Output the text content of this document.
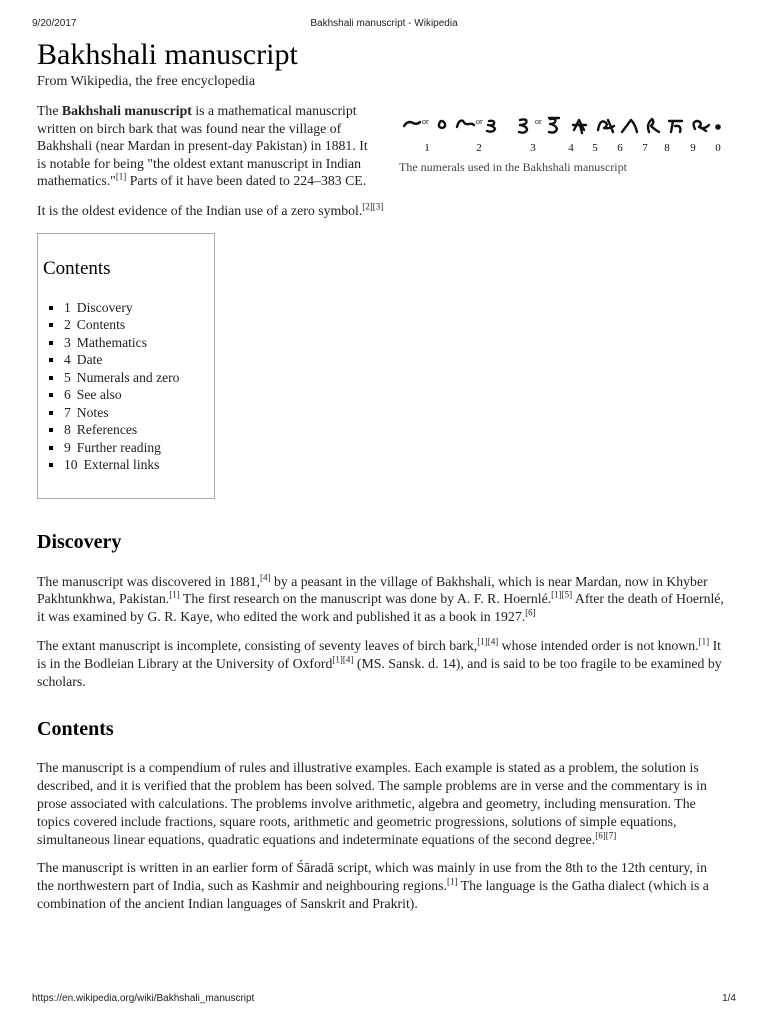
9/20/2017	Bakhshali manuscript - Wikipedia
Bakhshali manuscript
From Wikipedia, the free encyclopedia

The Bakhshali manuscript is a mathematical manuscript written on birch bark that was found near the village of Bakhshali (near Mardan in present-day Pakistan) in 1881. It is notable for being "the oldest extant manuscript in Indian mathematics."[1] Parts of it have been dated to 224–383 CE.

or	or	or
1	2	3	4 5 6 7 8 9 0
The numerals used in the Bakhshali manuscript

It is the oldest evidence of the Indian use of a zero symbol.[2][3]

Contents
1 Discovery
2 Contents
3 Mathematics
4 Date
5 Numerals and zero
6 See also
7 Notes
8 References
9 Further reading
10 External links
Discovery

The manuscript was discovered in 1881,[4] by a peasant in the village of Bakhshali, which is near Mardan, now in Khyber Pakhtunkhwa, Pakistan.[1] The first research on the manuscript was done by A. F. R. Hoernlé.[1][5] After the death of Hoernlé, it was examined by G. R. Kaye, who edited the work and published it as a book in 1927.[6]

The extant manuscript is incomplete, consisting of seventy leaves of birch bark,[1][4] whose intended order is not known.[1] It is in the Bodleian Library at the University of Oxford[1][4] (MS. Sansk. d. 14), and is said to be too fragile to be examined by scholars.

Contents

The manuscript is a compendium of rules and illustrative examples. Each example is stated as a problem, the solution is described, and it is verified that the problem has been solved. The sample problems are in verse and the commentary is in prose associated with calculations. The problems involve arithmetic, algebra and geometry, including mensuration. The topics covered include fractions, square roots, arithmetic and geometric progressions, solutions of simple equations, simultaneous linear equations, quadratic equations and indeterminate equations of the second degree.[6][7]

The manuscript is written in an earlier form of Śāradā script, which was mainly in use from the 8th to the 12th century, in the northwestern part of India, such as Kashmir and neighbouring regions.[1] The language is the Gatha dialect (which is a combination of the ancient Indian languages of Sanskrit and Prakrit).

https://en.wikipedia.org/wiki/Bakhshali_manuscript	1/4
